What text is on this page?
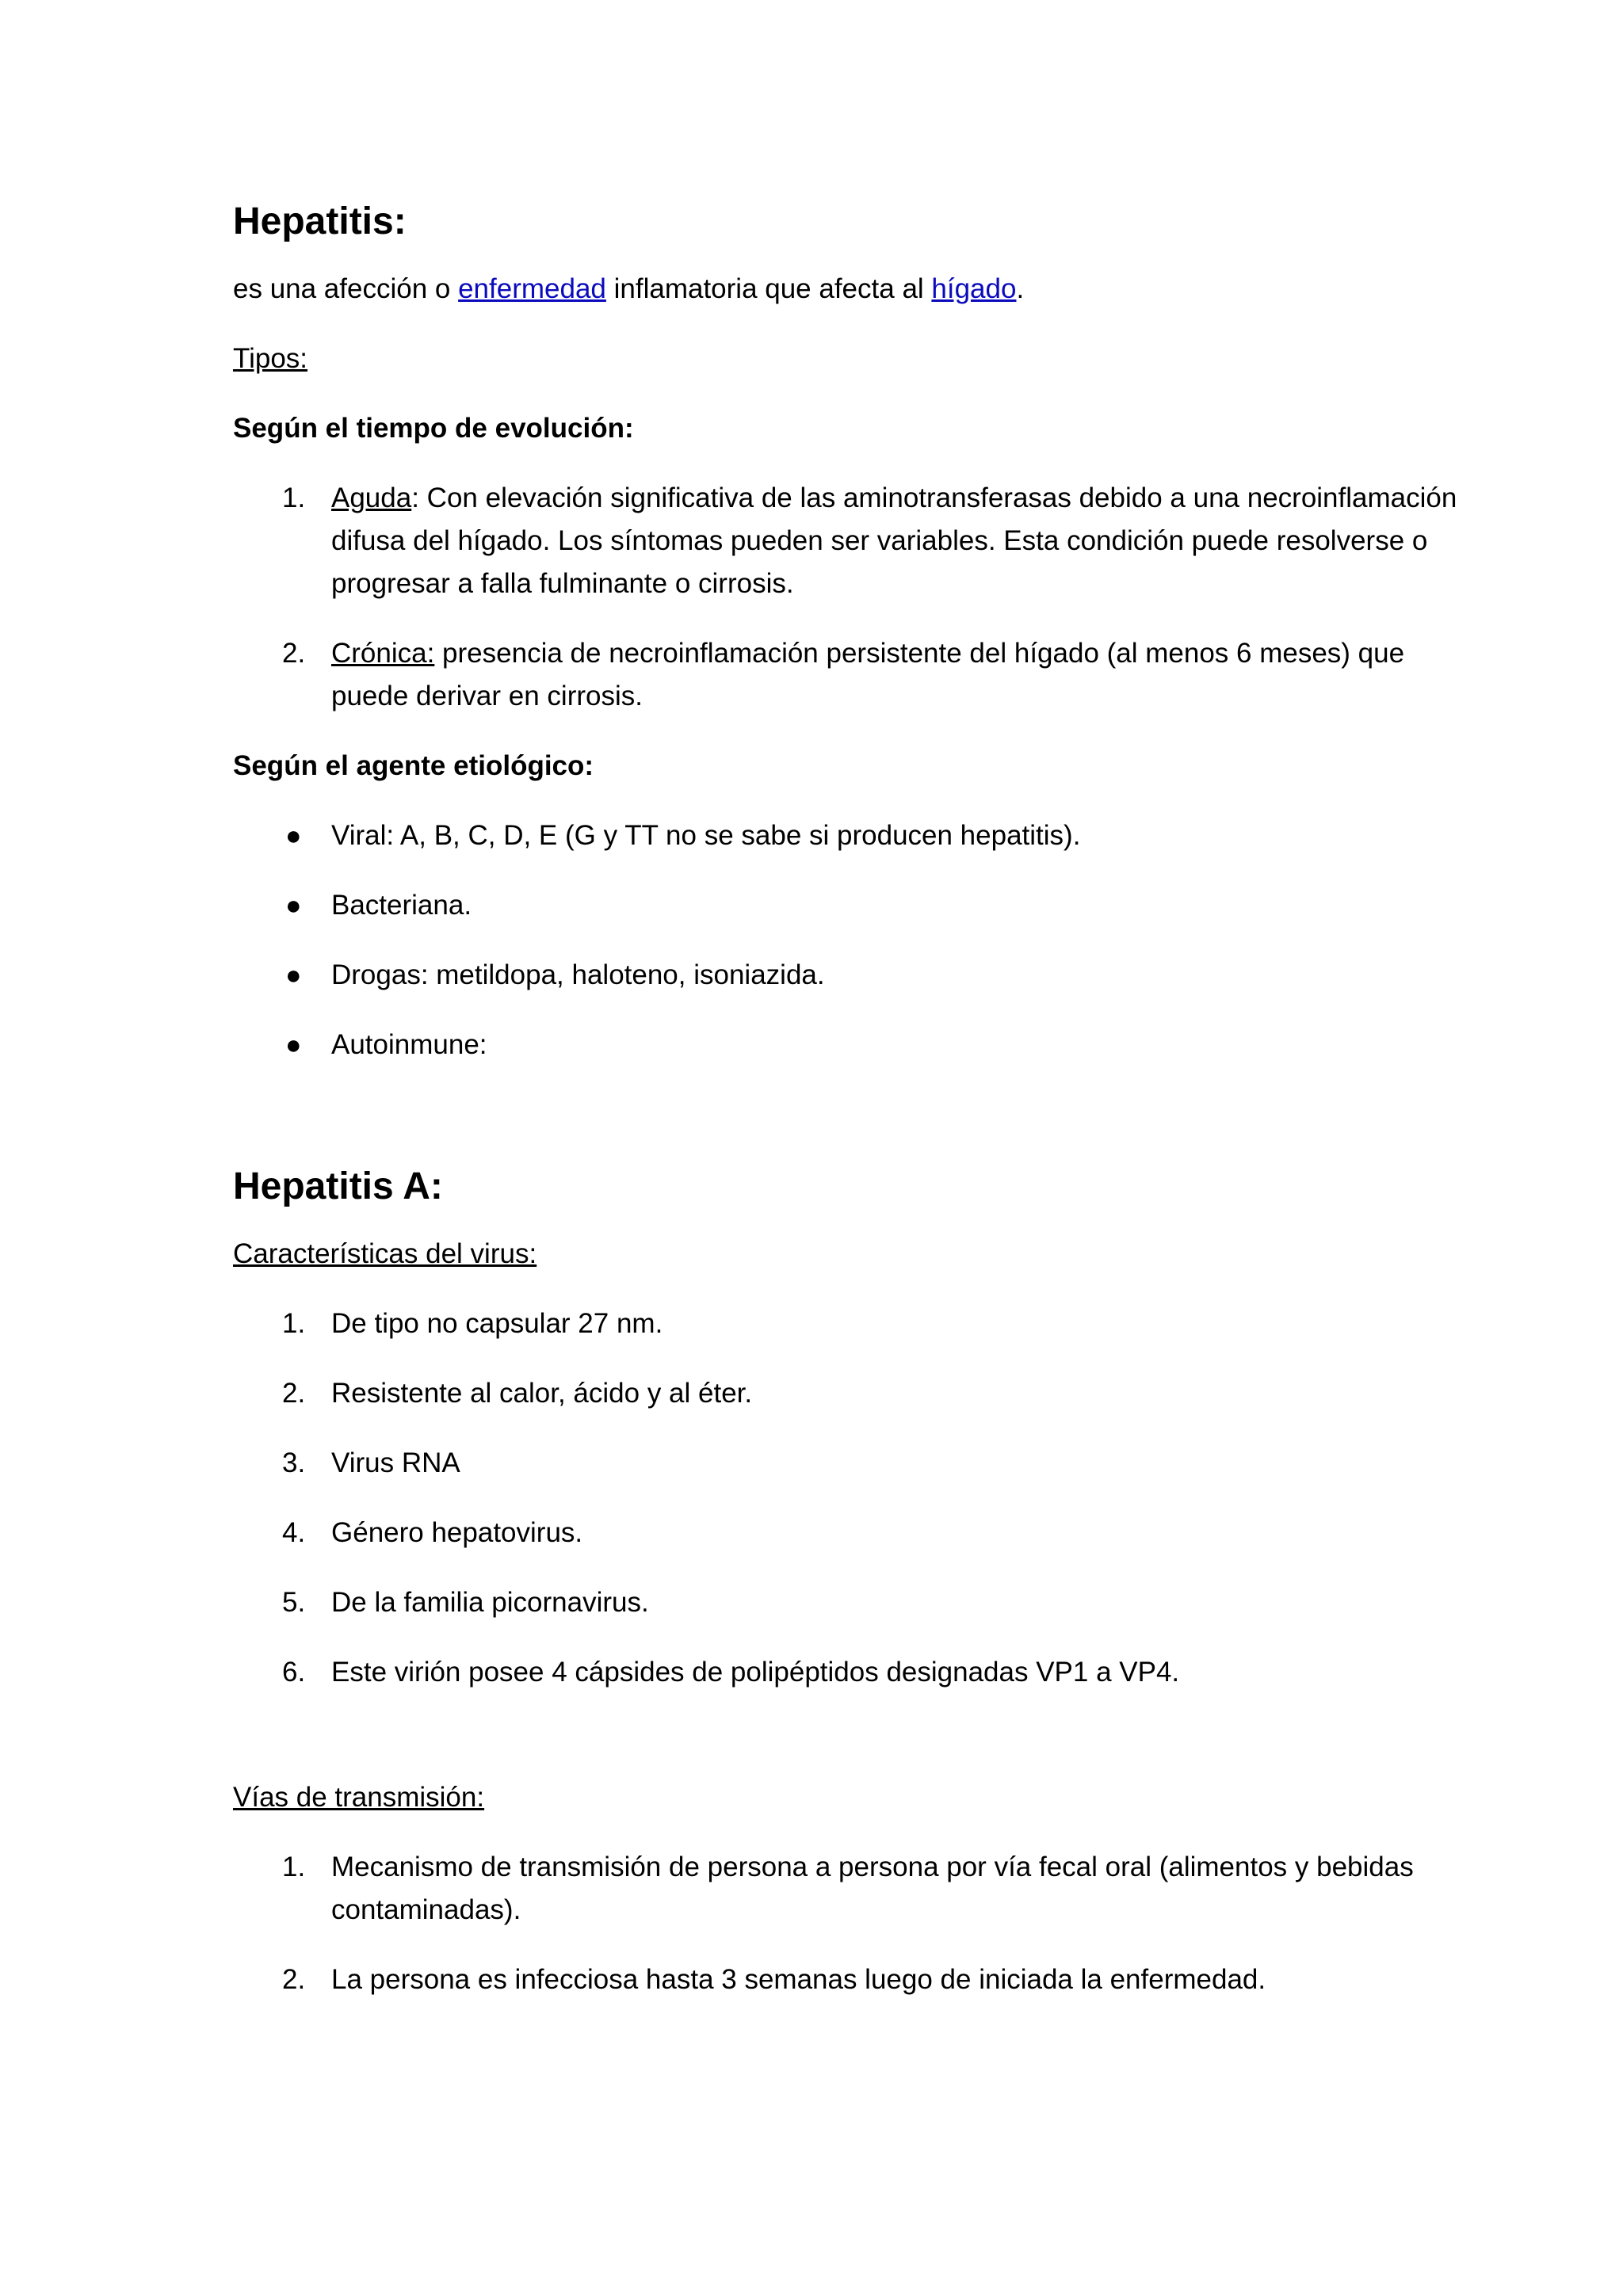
Hepatitis:

es una afección o enfermedad inflamatoria que afecta al hígado.

Tipos:

Según el tiempo de evolución:

1. Aguda: Con elevación significativa de las aminotransferasas debido a una necroinflamación difusa del hígado. Los síntomas pueden ser variables. Esta condición puede resolverse o progresar a falla fulminante o cirrosis.
2. Crónica: presencia de necroinflamación persistente del hígado (al menos 6 meses) que puede derivar en cirrosis.

Según el agente etiológico:

● Viral: A, B, C, D, E (G y TT no se sabe si producen hepatitis).
● Bacteriana.
● Drogas: metildopa, haloteno, isoniazida.
● Autoinmune:
Hepatitis A:

Características del virus:

1. De tipo no capsular 27 nm.
2. Resistente al calor, ácido y al éter.
3. Virus RNA
4. Género hepatovirus.
5. De la familia picornavirus.
6. Este virión posee 4 cápsides de polipéptidos designadas VP1 a VP4.

Vías de transmisión:

1. Mecanismo de transmisión de persona a persona por vía fecal oral (alimentos y bebidas contaminadas).
2. La persona es infecciosa hasta 3 semanas luego de iniciada la enfermedad.
